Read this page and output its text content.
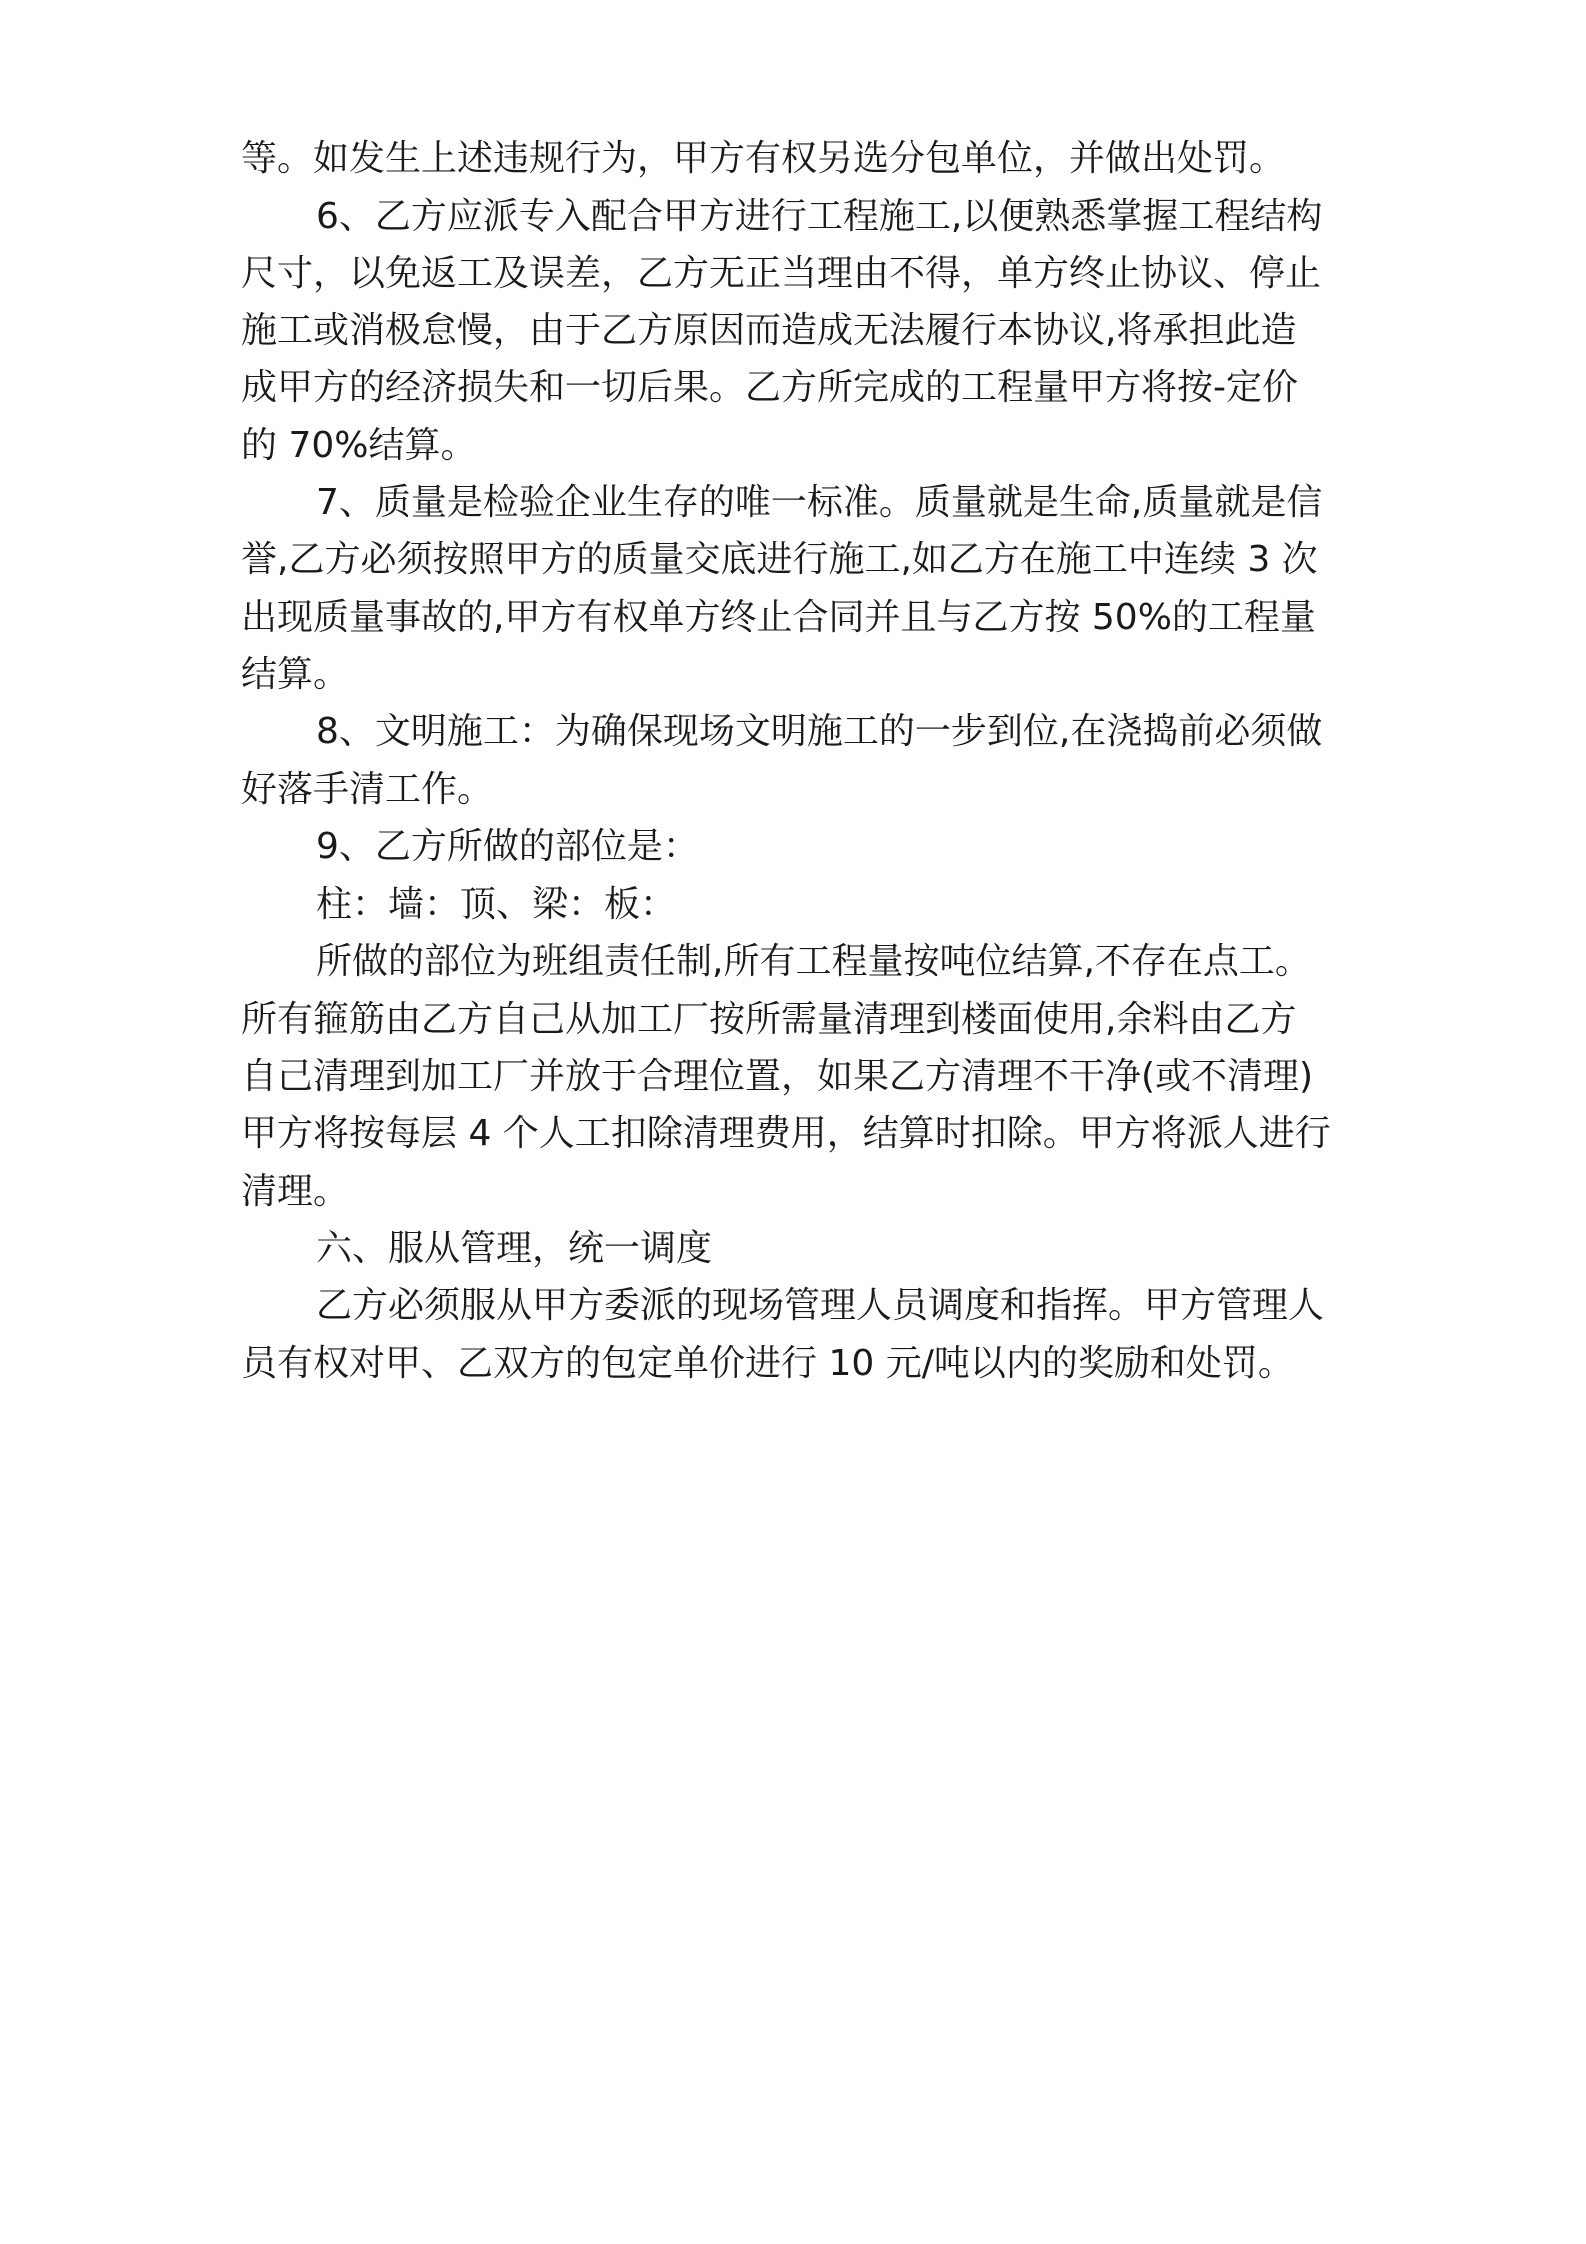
等。如发生上述违规行为，甲方有权另选分包单位，并做出处罚。
6、乙方应派专入配合甲方进行工程施工,以便熟悉掌握工程结构
尺寸，以免返工及误差，乙方无正当理由不得，单方终止协议、停止
施工或消极怠慢，由于乙方原因而造成无法履行本协议,将承担此造
成甲方的经济损失和一切后果。乙方所完成的工程量甲方将按-定价
的 70%结算。
7、质量是检验企业生存的唯一标准。质量就是生命,质量就是信
誉,乙方必须按照甲方的质量交底进行施工,如乙方在施工中连续 3 次
出现质量事故的,甲方有权单方终止合同并且与乙方按 50%的工程量
结算。
8、文明施工：为确保现场文明施工的一步到位,在浇捣前必须做
好落手清工作。
9、乙方所做的部位是：
柱：墙：顶、梁：板：
所做的部位为班组责任制,所有工程量按吨位结算,不存在点工。
所有箍筋由乙方自己从加工厂按所需量清理到楼面使用,余料由乙方
自己清理到加工厂并放于合理位置，如果乙方清理不干净(或不清理)
甲方将按每层 4 个人工扣除清理费用，结算时扣除。甲方将派人进行
清理。
六、服从管理，统一调度
乙方必须服从甲方委派的现场管理人员调度和指挥。甲方管理人
员有权对甲、乙双方的包定单价进行 10 元/吨以内的奖励和处罚。
